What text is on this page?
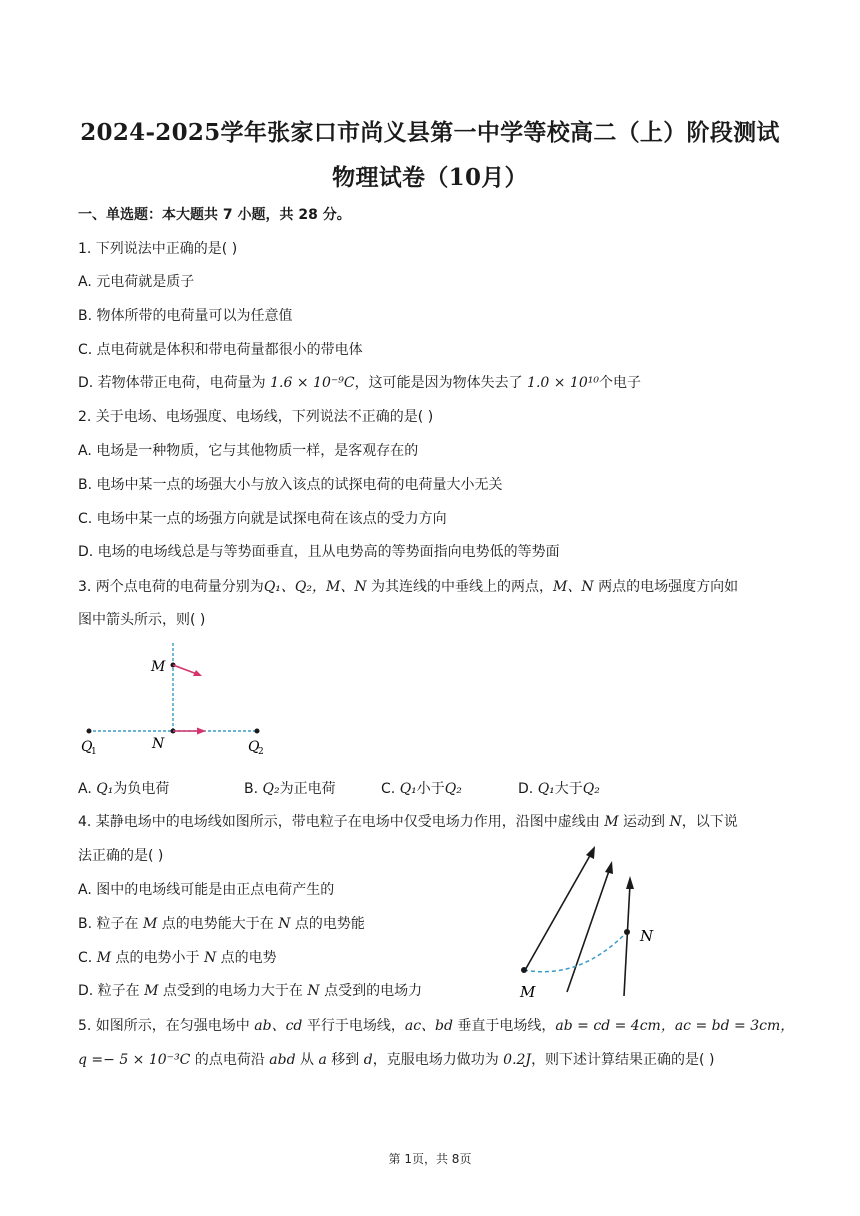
2024-2025学年张家口市尚义县第一中学等校高二（上）阶段测试
物理试卷（10月）
一、单选题：本大题共 7 小题，共 28 分。
1. 下列说法中正确的是( )
A. 元电荷就是质子
B. 物体所带的电荷量可以为任意值
C. 点电荷就是体积和带电荷量都很小的带电体
D. 若物体带正电荷，电荷量为 1.6 × 10⁻⁹C，这可能是因为物体失去了 1.0 × 10¹⁰个电子
2. 关于电场、电场强度、电场线，下列说法不正确的是( )
A. 电场是一种物质，它与其他物质一样，是客观存在的
B. 电场中某一点的场强大小与放入该点的试探电荷的电荷量大小无关
C. 电场中某一点的场强方向就是试探电荷在该点的受力方向
D. 电场的电场线总是与等势面垂直，且从电势高的等势面指向电势低的等势面
3. 两个点电荷的电荷量分别为Q₁、Q₂，M、N 为其连线的中垂线上的两点，M、N 两点的电场强度方向如
图中箭头所示，则( )
M
N
Q
1	Q
2
A. Q₁为负电荷	B. Q₂为正电荷	C. Q₁小于Q₂	D. Q₁大于Q₂
4. 某静电场中的电场线如图所示，带电粒子在电场中仅受电场力作用，沿图中虚线由 M 运动到 N，以下说
法正确的是( )
A. 图中的电场线可能是由正点电荷产生的
B. 粒子在 M 点的电势能大于在 N 点的电势能
C. M 点的电势小于 N 点的电势
D. 粒子在 M 点受到的电场力大于在 N 点受到的电场力	M
N
5. 如图所示，在匀强电场中 ab、cd 平行于电场线，ac、bd 垂直于电场线，ab = cd = 4cm，ac = bd = 3cm，
q =− 5 × 10⁻³C 的点电荷沿 abd 从 a 移到 d，克服电场力做功为 0.2J，则下述计算结果正确的是( )
第 1页，共 8页
